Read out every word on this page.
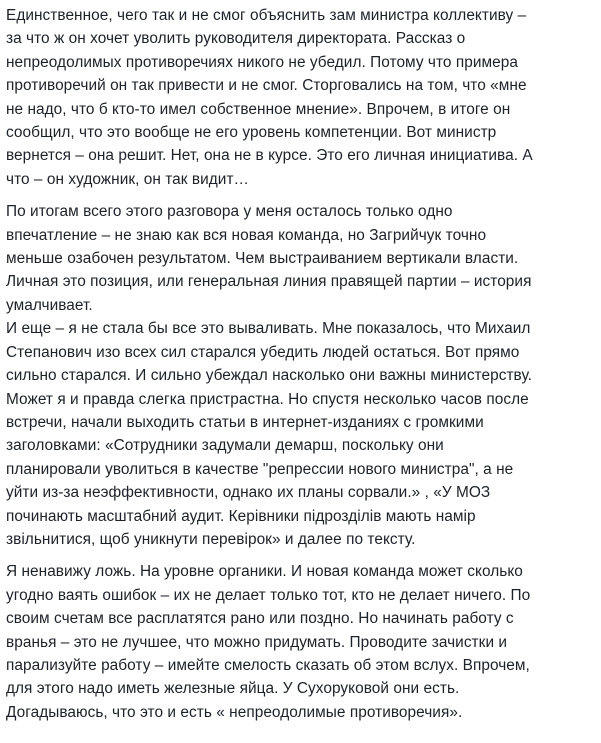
Единственное, чего так и не смог объяснить зам министра коллективу –
за что ж он хочет уволить руководителя директората. Рассказ о
непреодолимых противоречиях никого не убедил. Потому что примера
противоречий он так привести и не смог. Сторговались на том, что «мне
не надо, что б кто-то имел собственное мнение». Впрочем, в итоге он
сообщил, что это вообще не его уровень компетенции. Вот министр
вернется – она решит. Нет, она не в курсе. Это его личная инициатива. А
что – он художник, он так видит…
По итогам всего этого разговора у меня осталось только одно
впечатление – не знаю как вся новая команда, но Загрийчук точно
меньше озабочен результатом. Чем выстраиванием вертикали власти.
Личная это позиция, или генеральная линия правящей партии – история
умалчивает.
И еще – я не стала бы все это вываливать. Мне показалось, что Михаил
Степанович изо всех сил старался убедить людей остаться. Вот прямо
сильно старался. И сильно убеждал насколько они важны министерству.
Может я и правда слегка пристрастна. Но спустя несколько часов после
встречи, начали выходить статьи в интернет-изданиях с громкими
заголовками: «Сотрудники задумали демарш, поскольку они
планировали уволиться в качестве "репрессии нового министра", а не
уйти из-за неэффективности, однако их планы сорвали.» , «У МОЗ
починають масштабний аудит. Керівники підрозділів мають намір
звільнитися, щоб уникнути перевірок» и далее по тексту.
Я ненавижу ложь. На уровне органики. И новая команда может сколько
угодно ваять ошибок – их не делает только тот, кто не делает ничего. По
своим счетам все расплатятся рано или поздно. Но начинать работу с
вранья – это не лучшее, что можно придумать. Проводите зачистки и
парализуйте работу – имейте смелость сказать об этом вслух. Впрочем,
для этого надо иметь железные яйца. У Сухоруковой они есть.
Догадываюсь, что это и есть « непреодолимые противоречия».
